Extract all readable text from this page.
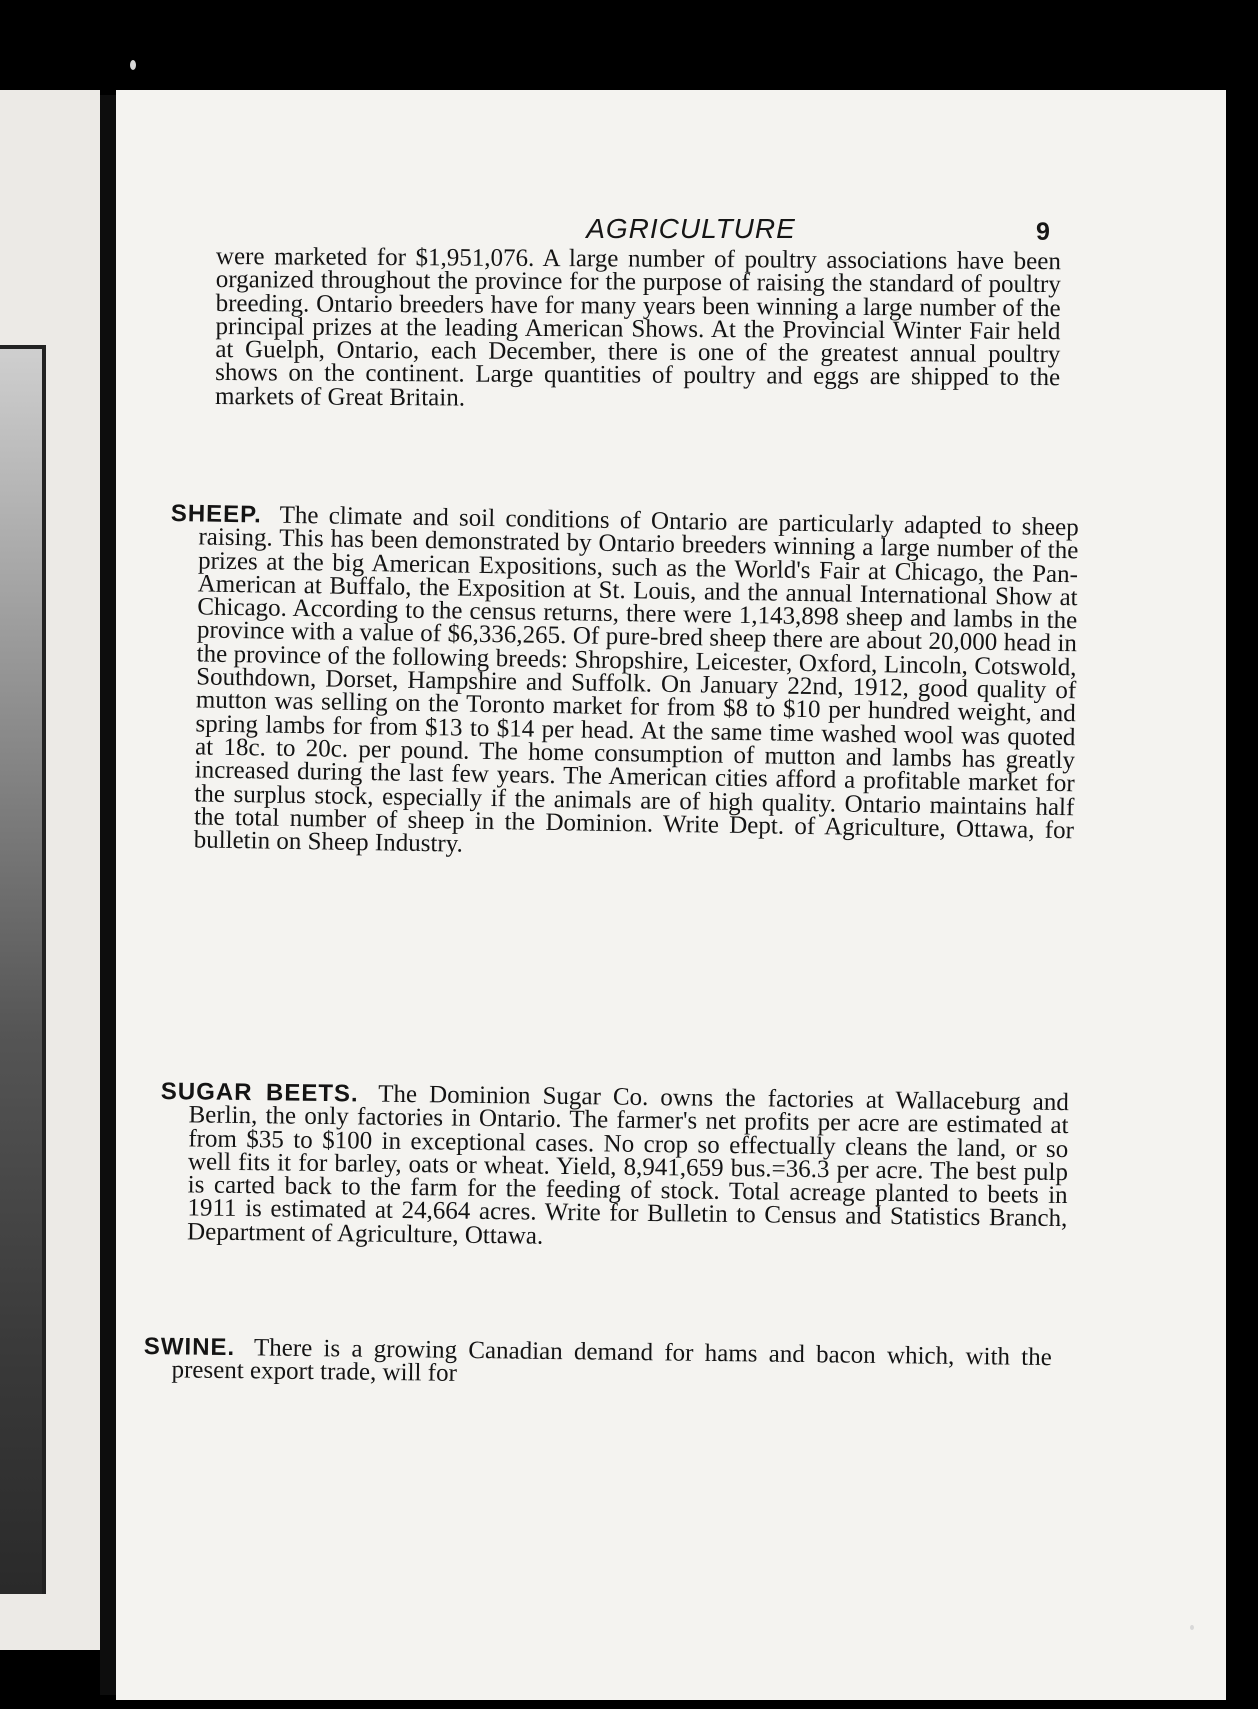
AGRICULTURE	9
were marketed for $1,951,076. A large number of poultry associations have been organized throughout the province for the purpose of raising the standard of poultry breeding. Ontario breeders have for many years been winning a large number of the principal prizes at the leading American Shows. At the Provincial Winter Fair held at Guelph, Ontario, each December, there is one of the greatest annual poultry shows on the continent. Large quantities of poultry and eggs are shipped to the markets of Great Britain.
SHEEP. The climate and soil conditions of Ontario are particularly adapted to sheep raising. This has been demonstrated by Ontario breeders winning a large number of the prizes at the big American Expositions, such as the World's Fair at Chicago, the Pan-American at Buffalo, the Exposition at St. Louis, and the annual International Show at Chicago. According to the census returns, there were 1,143,898 sheep and lambs in the province with a value of $6,336,265. Of pure-bred sheep there are about 20,000 head in the province of the following breeds: Shropshire, Leicester, Oxford, Lincoln, Cotswold, Southdown, Dorset, Hampshire and Suffolk. On January 22nd, 1912, good quality of mutton was selling on the Toronto market for from $8 to $10 per hundred weight, and spring lambs for from $13 to $14 per head. At the same time washed wool was quoted at 18c. to 20c. per pound. The home consumption of mutton and lambs has greatly increased during the last few years. The American cities afford a profitable market for the surplus stock, especially if the animals are of high quality. Ontario maintains half the total number of sheep in the Dominion. Write Dept. of Agriculture, Ottawa, for bulletin on Sheep Industry.
SUGAR BEETS. The Dominion Sugar Co. owns the factories at Wallaceburg and Berlin, the only factories in Ontario. The farmer's net profits per acre are estimated at from $35 to $100 in exceptional cases. No crop so effectually cleans the land, or so well fits it for barley, oats or wheat. Yield, 8,941,659 bus.=36.3 per acre. The best pulp is carted back to the farm for the feeding of stock. Total acreage planted to beets in 1911 is estimated at 24,664 acres. Write for Bulletin to Census and Statistics Branch, Department of Agriculture, Ottawa.
SWINE. There is a growing Canadian demand for hams and bacon which, with the present export trade, will for
